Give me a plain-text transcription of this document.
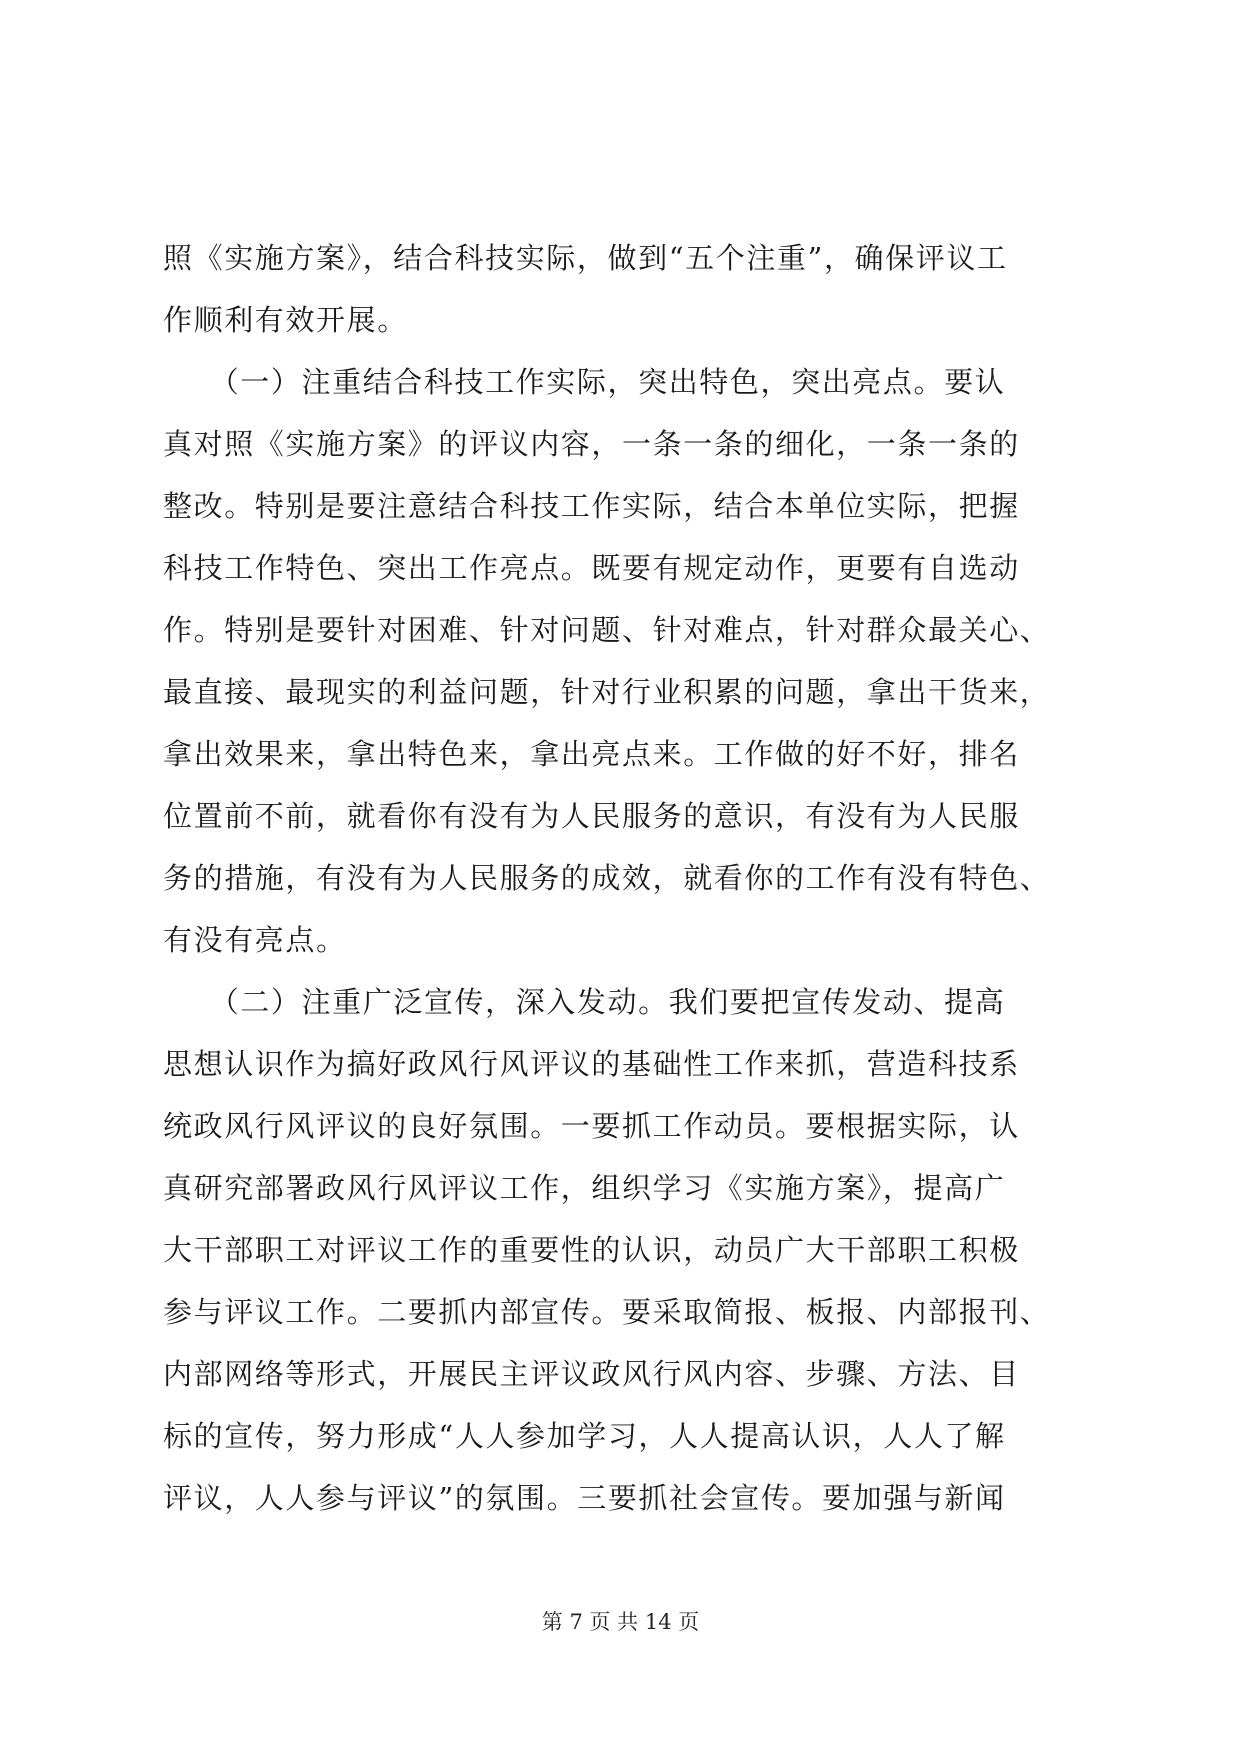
照《实施方案》，结合科技实际，做到“五个注重”，确保评议工
作顺利有效开展。
　　（一）注重结合科技工作实际，突出特色，突出亮点。要认
真对照《实施方案》的评议内容，一条一条的细化，一条一条的
整改。特别是要注意结合科技工作实际，结合本单位实际，把握
科技工作特色、突出工作亮点。既要有规定动作，更要有自选动
作。特别是要针对困难、针对问题、针对难点，针对群众最关心、
最直接、最现实的利益问题，针对行业积累的问题，拿出干货来，
拿出效果来，拿出特色来，拿出亮点来。工作做的好不好，排名
位置前不前，就看你有没有为人民服务的意识，有没有为人民服
务的措施，有没有为人民服务的成效，就看你的工作有没有特色、
有没有亮点。
　　（二）注重广泛宣传，深入发动。我们要把宣传发动、提高
思想认识作为搞好政风行风评议的基础性工作来抓，营造科技系
统政风行风评议的良好氛围。一要抓工作动员。要根据实际，认
真研究部署政风行风评议工作，组织学习《实施方案》，提高广
大干部职工对评议工作的重要性的认识，动员广大干部职工积极
参与评议工作。二要抓内部宣传。要采取简报、板报、内部报刊、
内部网络等形式，开展民主评议政风行风内容、步骤、方法、目
标的宣传，努力形成“人人参加学习，人人提高认识，人人了解
评议，人人参与评议”的氛围。三要抓社会宣传。要加强与新闻
第 7 页 共 14 页
